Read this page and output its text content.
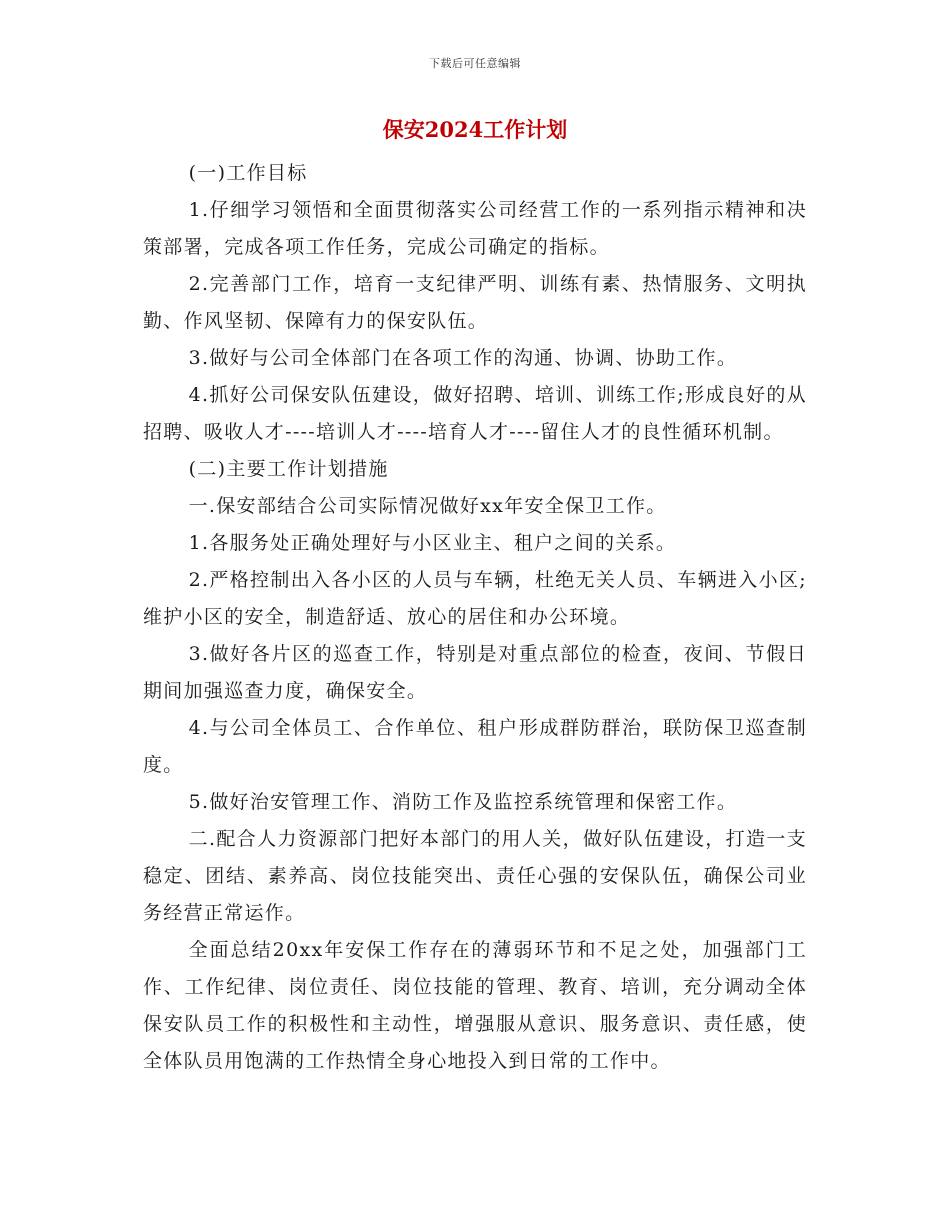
下载后可任意编辑
保安2024工作计划

(一)工作目标

1.仔细学习领悟和全面贯彻落实公司经营工作的一系列指示精神和决策部署，完成各项工作任务，完成公司确定的指标。

2.完善部门工作，培育一支纪律严明、训练有素、热情服务、文明执勤、作风坚韧、保障有力的保安队伍。

3.做好与公司全体部门在各项工作的沟通、协调、协助工作。

4.抓好公司保安队伍建设，做好招聘、培训、训练工作;形成良好的从招聘、吸收人才----培训人才----培育人才----留住人才的良性循环机制。

(二)主要工作计划措施

一.保安部结合公司实际情况做好xx年安全保卫工作。

1.各服务处正确处理好与小区业主、租户之间的关系。

2.严格控制出入各小区的人员与车辆，杜绝无关人员、车辆进入小区;维护小区的安全，制造舒适、放心的居住和办公环境。

3.做好各片区的巡查工作，特别是对重点部位的检查，夜间、节假日期间加强巡查力度，确保安全。

4.与公司全体员工、合作单位、租户形成群防群治，联防保卫巡查制度。

5.做好治安管理工作、消防工作及监控系统管理和保密工作。

二.配合人力资源部门把好本部门的用人关，做好队伍建设，打造一支稳定、团结、素养高、岗位技能突出、责任心强的安保队伍，确保公司业务经营正常运作。

全面总结20xx年安保工作存在的薄弱环节和不足之处，加强部门工作、工作纪律、岗位责任、岗位技能的管理、教育、培训，充分调动全体保安队员工作的积极性和主动性，增强服从意识、服务意识、责任感，使全体队员用饱满的工作热情全身心地投入到日常的工作中。
